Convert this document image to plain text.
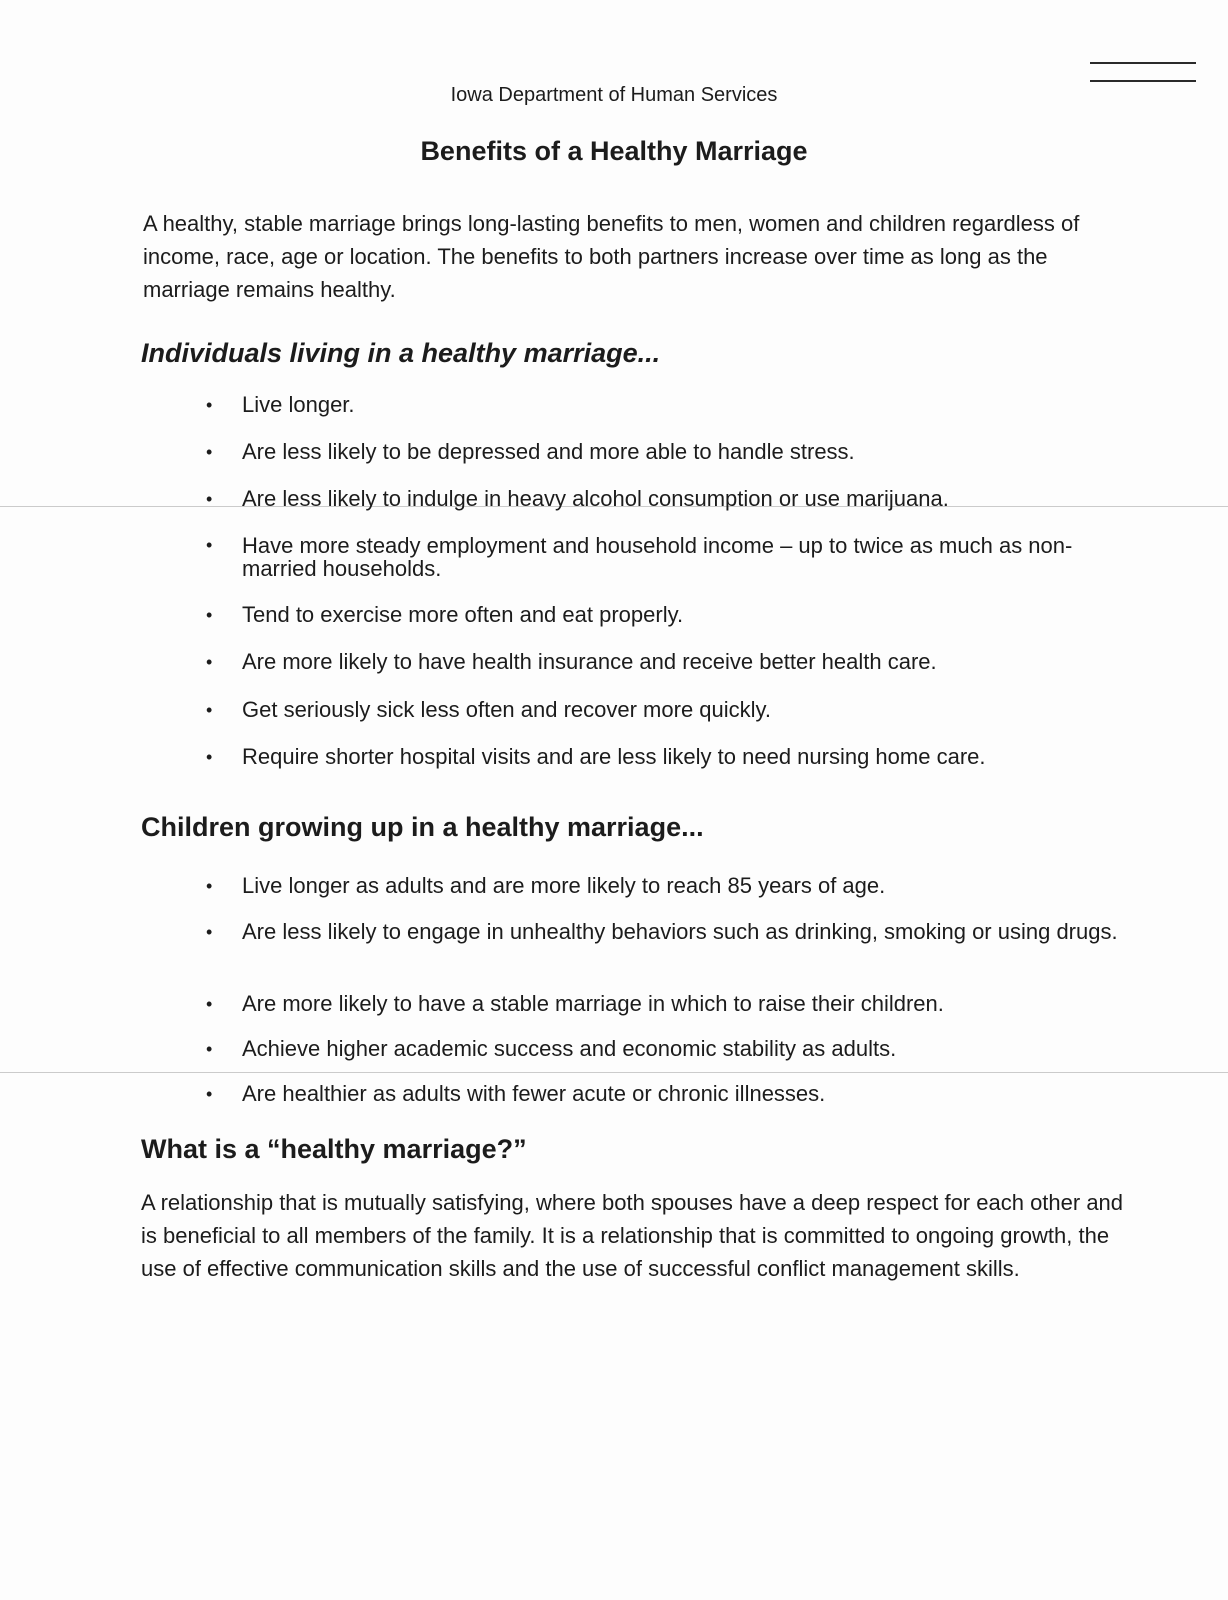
Iowa Department of Human Services
Benefits of a Healthy Marriage

A healthy, stable marriage brings long-lasting benefits to men, women and children regardless of income, race, age or location. The benefits to both partners increase over time as long as the marriage remains healthy.

Individuals living in a healthy marriage...
• Live longer.
• Are less likely to be depressed and more able to handle stress.
• Are less likely to indulge in heavy alcohol consumption or use marijuana.
• Have more steady employment and household income – up to twice as much as non-married households.
• Tend to exercise more often and eat properly.
• Are more likely to have health insurance and receive better health care.
• Get seriously sick less often and recover more quickly.
• Require shorter hospital visits and are less likely to need nursing home care.
Children growing up in a healthy marriage...
• Live longer as adults and are more likely to reach 85 years of age.
• Are less likely to engage in unhealthy behaviors such as drinking, smoking or using drugs.
• Are more likely to have a stable marriage in which to raise their children.
• Achieve higher academic success and economic stability as adults.
• Are healthier as adults with fewer acute or chronic illnesses.
What is a “healthy marriage?”

A relationship that is mutually satisfying, where both spouses have a deep respect for each other and is beneficial to all members of the family. It is a relationship that is committed to ongoing growth, the use of effective communication skills and the use of successful conflict management skills.
